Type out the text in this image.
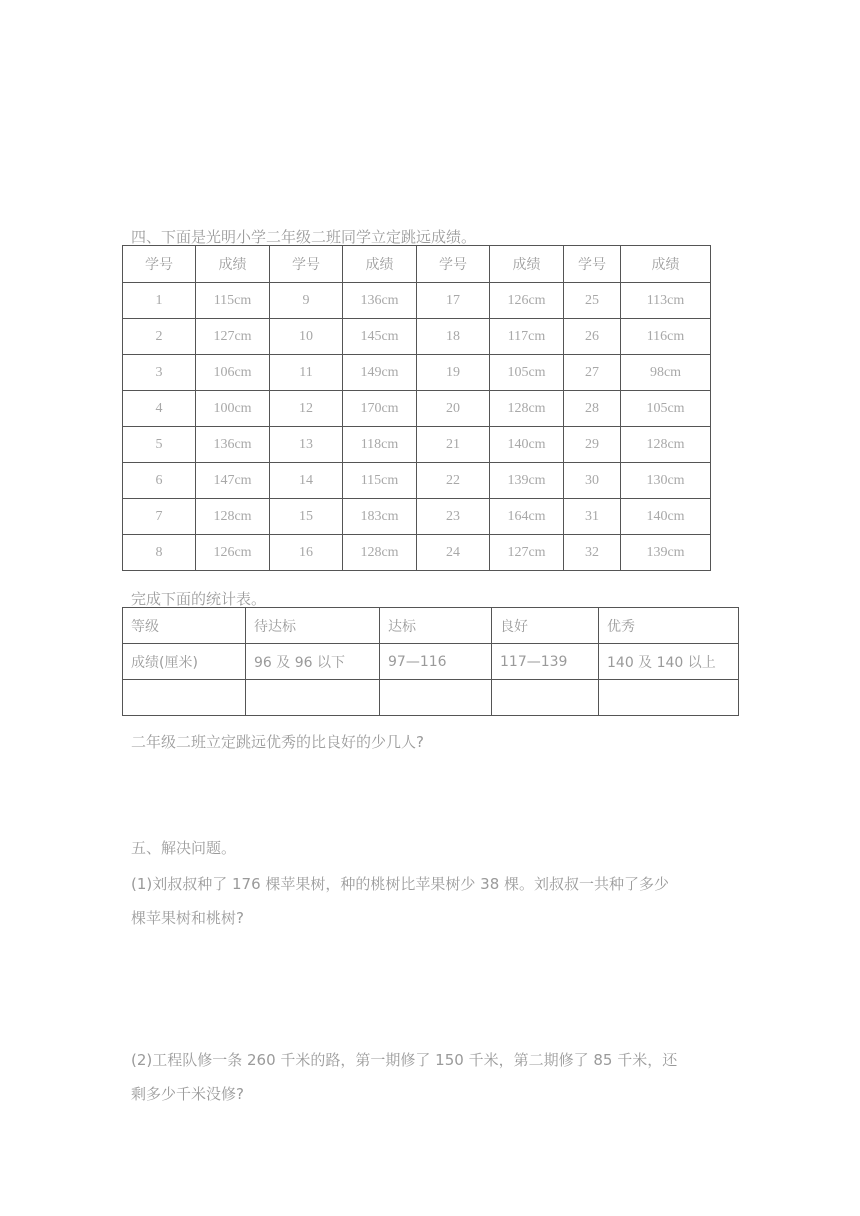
四、下面是光明小学二年级二班同学立定跳远成绩。
学号	成绩	学号	成绩	学号	成绩	学号	成绩
1	115cm	9	136cm	17	126cm	25	113cm
2	127cm	10	145cm	18	117cm	26	116cm
3	106cm	11	149cm	19	105cm	27	98cm
4	100cm	12	170cm	20	128cm	28	105cm
5	136cm	13	118cm	21	140cm	29	128cm
6	147cm	14	115cm	22	139cm	30	130cm
7	128cm	15	183cm	23	164cm	31	140cm
8	126cm	16	128cm	24	127cm	32	139cm
完成下面的统计表。
等级	待达标	达标	良好	优秀
成绩(厘米)	96 及 96 以下	97—116	117—139	140 及 140 以上

二年级二班立定跳远优秀的比良好的少几人?
五、解决问题。
(1)刘叔叔种了 176 棵苹果树，种的桃树比苹果树少 38 棵。刘叔叔一共种了多少
棵苹果树和桃树?
(2)工程队修一条 260 千米的路，第一期修了 150 千米，第二期修了 85 千米，还
剩多少千米没修?
